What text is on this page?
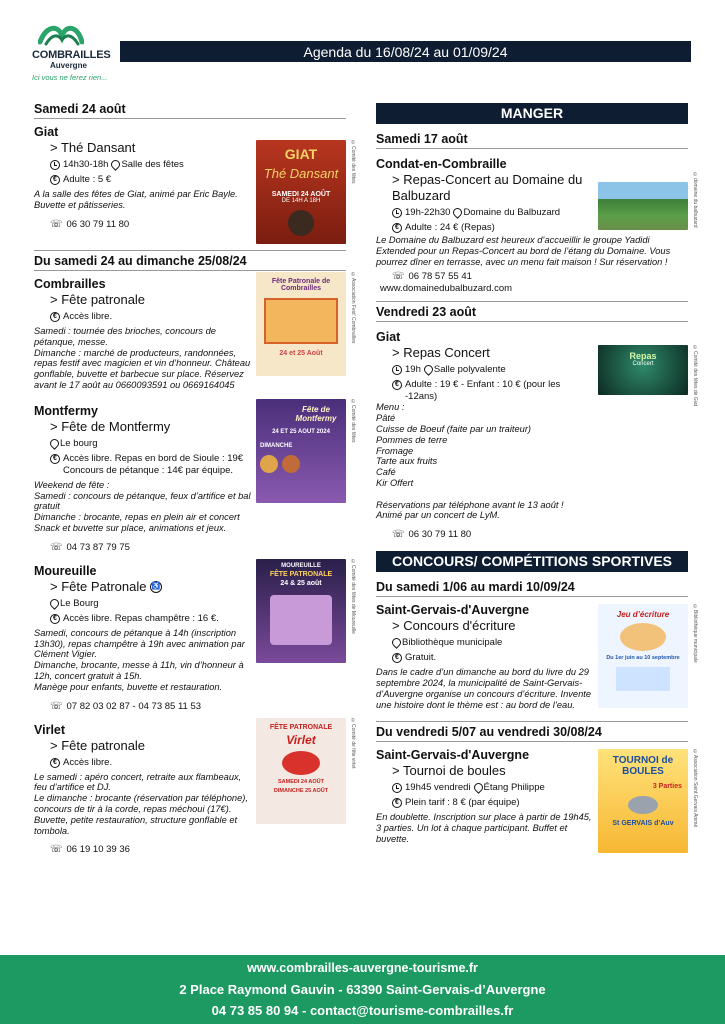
COMBRAILLES
Auvergne
Ici vous ne ferez rien...
Agenda du 16/08/24 au 01/09/24
Samedi 24 août
Giat
> Thé Dansant
14h30-18h Salle des fêtes
€ Adulte : 5 €
A la salle des fêtes de Giat, animé par Eric Bayle. Buvette et pâtisseries.
☏ 06 30 79 11 80
GIAT
Thé Dansant
SAMEDI 24 AOÛT
DE 14H A 18H
©Comité des fêtes
Du samedi 24 au dimanche 25/08/24
Combrailles
> Fête patronale
€ Accès libre.
Samedi : tournée des brioches, concours de pétanque, messe.
Dimanche : marché de producteurs, randonnées, repas festif avec magicien et vin d’honneur. Château gonflable, buvette et barbecue sur place. Réservez avant le 17 août au 0660093591 ou 0669164045
Fête Patronale de Combrailles
24 et 25 Août
©Association Fest’ Combrailles
Montfermy
> Fête de Montfermy
Le bourg
€ Accès libre. Repas en bord de Sioule : 19€ Concours de pétanque : 14€ par équipe.
Weekend de fête :
Samedi : concours de pétanque, feux d’artifice et bal gratuit
Dimanche : brocante, repas en plein air et concert
Snack et buvette sur place, animations et jeux.
☏ 04 73 87 79 75
Fête de Montfermy
24 ET 25 AOUT 2024
DIMANCHE
©Comité des fêtes
Moureuille
> Fête Patronale ♿
Le Bourg
€ Accès libre. Repas champêtre : 16 €.
Samedi, concours de pétanque à 14h (inscription 13h30), repas champêtre à 19h avec animation par Clément Vigier.
Dimanche, brocante, messe à 11h, vin d’honneur à 12h, concert gratuit à 15h.
Manège pour enfants, buvette et restauration.
☏ 07 82 03 02 87 - 04 73 85 11 53
MOUREUILLE
FÊTE PATRONALE
24 & 25 août	©Comité des fêtes de Moureuille
Virlet
> Fête patronale
€ Accès libre.
Le samedi : apéro concert, retraite aux flambeaux, feu d’artifice et DJ.
Le dimanche : brocante (réservation par téléphone), concours de tir à la corde, repas méchoui (17€).
Buvette, petite restauration, structure gonflable et tombola.
☏ 06 19 10 39 36
FÊTE PATRONALE
Virlet
SAMEDI 24 AOÛT
DIMANCHE 25 AOÛT
©Comité de fête virlet
MANGER
Samedi 17 août
Condat-en-Combraille
> Repas-Concert au Domaine du Balbuzard
19h-22h30 Domaine du Balbuzard
€ Adulte : 24 € (Repas)
©domaine du balbuzard
Le Domaine du Balbuzard est heureux d’accueillir le groupe Yadidi Extended pour un Repas-Concert au bord de l’étang du Domaine. Vous pourrez dîner en terrasse, avec un menu fait maison ! Sur réservation !
☏ 06 78 57 55 41
www.domainedubalbuzard.com
Vendredi 23 août
Giat
> Repas Concert
19h Salle polyvalente
€ Adulte : 19 € - Enfant : 10 € (pour les -12ans)
Repas
Concert	©Comité des fêtes de Giat
Menu :
Pâté
Cuisse de Boeuf (faite par un traiteur)
Pommes de terre
Fromage
Tarte aux fruits
Café
Kir Offert

Réservations par téléphone avant le 13 août !
Animé par un concert de LyM.
☏ 06 30 79 11 80
CONCOURS/ COMPÉTITIONS SPORTIVES
Du samedi 1/06 au mardi 10/09/24
Saint-Gervais-d'Auvergne
> Concours d'écriture
Bibliothèque municipale
€ Gratuit.
Dans le cadre d’un dimanche au bord du livre du 29 septembre 2024, la municipalité de Saint-Gervais-d’Auvergne organise un concours d’écriture. Invente une histoire dont le thème est : au bord de l’eau.
Jeu d’écriture
Du 1er juin au 10 septembre	©Bibliothèque municipale
Du vendredi 5/07 au vendredi 30/08/24
Saint-Gervais-d'Auvergne
> Tournoi de boules
19h45 vendredi Étang Philippe
€ Plein tarif : 8 € (par équipe)
En doublette. Inscription sur place à partir de 19h45, 3 parties. Un lot à chaque participant. Buffet et buvette.
TOURNOI de BOULES
3 Parties
St GERVAIS d’Auv	©Association Saint Gervais Animé
www.combrailles-auvergne-tourisme.fr
2 Place Raymond Gauvin - 63390 Saint-Gervais-d’Auvergne
04 73 85 80 94 - contact@tourisme-combrailles.fr
